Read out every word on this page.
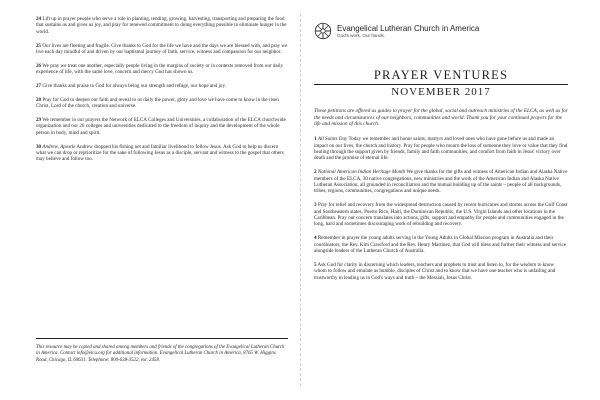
24 Lift up in prayer people who serve a role in planting, tending, growing, harvesting, transporting and preparing the food that sustains us and gives us joy, and pray for renewed commitment to doing everything possible to eliminate hunger in the world.

25 Our lives are fleeting and fragile. Give thanks to God for the life we have and the days we are blessed with, and pray we live each day mindful of and driven by our baptismal journey of faith, service, witness and compassion for our neighbor.

26 We pray we treat one another, especially people living in the margins of society or in contexts removed from our daily experience of life, with the same love, concern and mercy God has shown us.

27 Give thanks and praise to God for always being our strength and refuge, our hope and joy.

28 Pray for God to deepen our faith and reveal to us daily the power, glory and love we have come to know in the risen Christ, Lord of the church, creation and universe.

29 We remember in our prayers the Network of ELCA Colleges and Universities, a collaboration of the ELCA churchwide organization and our 26 colleges and universities dedicated to the freedom of inquiry and the development of the whole person in body, mind and spirit.

30 Andrew, Apostle Andrew dropped his fishing net and familiar livelihood to follow Jesus. Ask God to help us discern what we can drop or reprioritize for the sake of following Jesus as a disciple, servant and witness to the gospel that others may believe and follow too.

This resource may be copied and shared among members and friends of the congregations of the Evangelical Lutheran Church in America. Contact info@elca.org for additional information. Evangelical Lutheran Church in America, 8765 W. Higgins Road, Chicago, IL 60631. Telephone: 800-638-3522, ext. 2458.
Evangelical Lutheran Church in America
God's work. Our hands.
PRAYER VENTURES
NOVEMBER 2017

These petitions are offered as guides to prayer for the global, social and outreach ministries of the ELCA, as well as for the needs and circumstances of our neighbors, communities and world. Thank you for your continued prayers for the life and mission of this church.

1 All Saints Day Today we remember and honor saints, martyrs and loved ones who have gone before us and made an impact on our lives, the church and history. Pray for people who mourn the loss of someone they love or value that they find healing through the support given by friends, family and faith communities, and comfort from faith in Jesus' victory over death and the promise of eternal life.

2 National American Indian Heritage Month We give thanks for the gifts and witness of American Indian and Alaska Native members of the ELCA, 30 native congregations, new ministries and the work of the American Indian and Alaska Native Lutheran Association, all grounded in reconciliation and the mutual building up of the saints – people of all backgrounds, tribes, regions, communities, congregations and unique needs.

3 Pray for relief and recovery from the widespread destruction caused by recent hurricanes and storms across the Gulf Coast and Southeastern states, Puerto Rico, Haiti, the Dominican Republic, the U.S. Virgin Islands and other locations in the Caribbean. Pray our concern translates into actions, gifts, support and empathy for people and communities engaged in the long, hard and sometimes discouraging work of rebuilding and recovery.

4 Remember in prayer the young adults serving in the Young Adults in Global Mission program in Australia and their coordinators, the Rev. Kim Crawford and the Rev. Henry Martinez, that God will bless and further their witness and service alongside leaders of the Lutheran Church of Australia.

5 Ask God for clarity in discerning which leaders, teachers and prophets to trust and listen to, for the wisdom to know whom to follow and emulate as humble, disciples of Christ and to know that we have one teacher who is unfailing and trustworthy in leading us in God's ways and truth – the Messiah, Jesus Christ.
